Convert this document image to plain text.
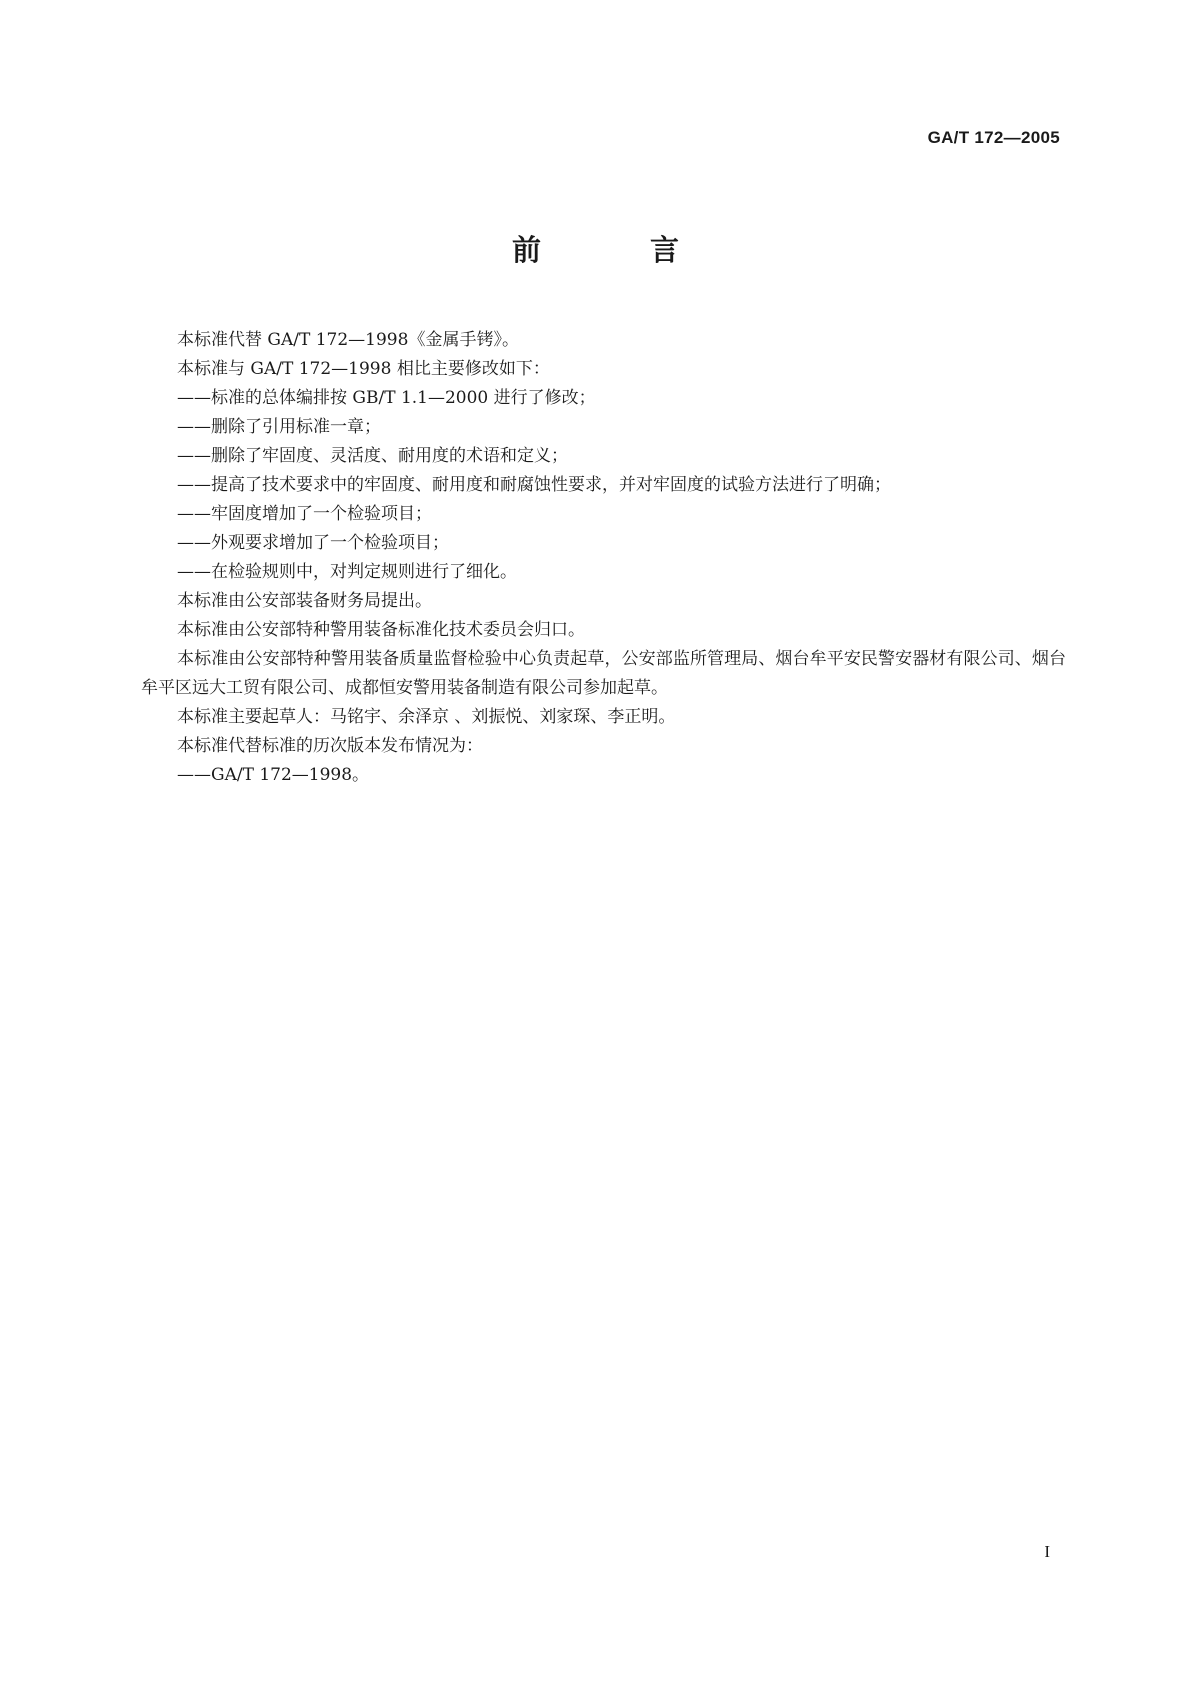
GA/T 172—2005
前　言

本标准代替 GA/T 172—1998《金属手铐》。

本标准与 GA/T 172—1998 相比主要修改如下：

——标准的总体编排按 GB/T 1.1—2000 进行了修改；

——删除了引用标准一章；

——删除了牢固度、灵活度、耐用度的术语和定义；

——提高了技术要求中的牢固度、耐用度和耐腐蚀性要求，并对牢固度的试验方法进行了明确；

——牢固度增加了一个检验项目；

——外观要求增加了一个检验项目；

——在检验规则中，对判定规则进行了细化。

本标准由公安部装备财务局提出。

本标准由公安部特种警用装备标准化技术委员会归口。

本标准由公安部特种警用装备质量监督检验中心负责起草，公安部监所管理局、烟台牟平安民警安器材有限公司、烟台牟平区远大工贸有限公司、成都恒安警用装备制造有限公司参加起草。

本标准主要起草人：马铭宇、余泽京 、刘振悦、刘家琛、李正明。

本标准代替标准的历次版本发布情况为：

——GA/T 172—1998。

I
